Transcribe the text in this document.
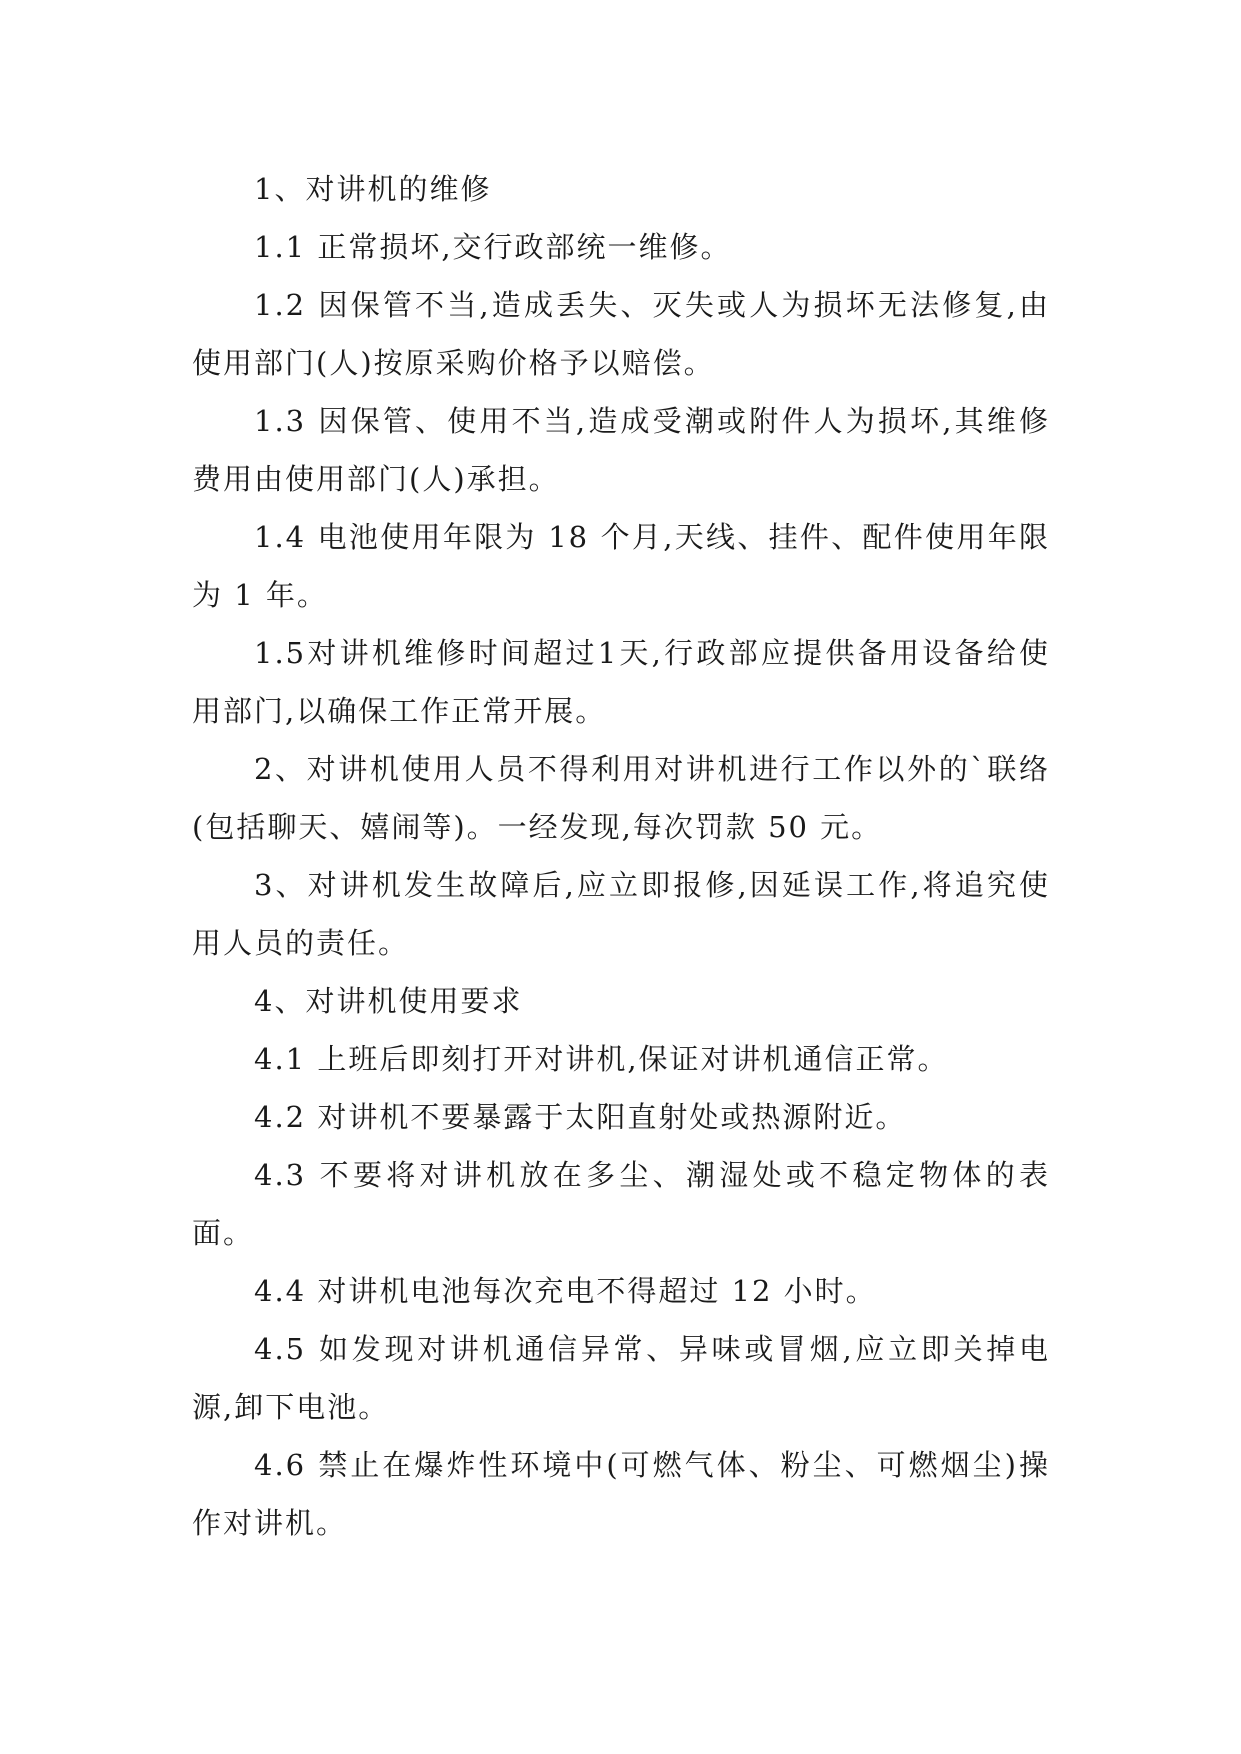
1、对讲机的维修

1.1 正常损坏,交行政部统一维修。

1.2 因保管不当,造成丢失、灭失或人为损坏无法修复,由使用部门(人)按原采购价格予以赔偿。

1.3 因保管、使用不当,造成受潮或附件人为损坏,其维修费用由使用部门(人)承担。

1.4 电池使用年限为 18 个月,天线、挂件、配件使用年限为 1 年。

1.5对讲机维修时间超过1天,行政部应提供备用设备给使用部门,以确保工作正常开展。

2、对讲机使用人员不得利用对讲机进行工作以外的`联络(包括聊天、嬉闹等)。一经发现,每次罚款 50 元。

3、对讲机发生故障后,应立即报修,因延误工作,将追究使用人员的责任。

4、对讲机使用要求

4.1 上班后即刻打开对讲机,保证对讲机通信正常。

4.2 对讲机不要暴露于太阳直射处或热源附近。

4.3 不要将对讲机放在多尘、潮湿处或不稳定物体的表面。

4.4 对讲机电池每次充电不得超过 12 小时。

4.5 如发现对讲机通信异常、异味或冒烟,应立即关掉电源,卸下电池。

4.6 禁止在爆炸性环境中(可燃气体、粉尘、可燃烟尘)操作对讲机。
